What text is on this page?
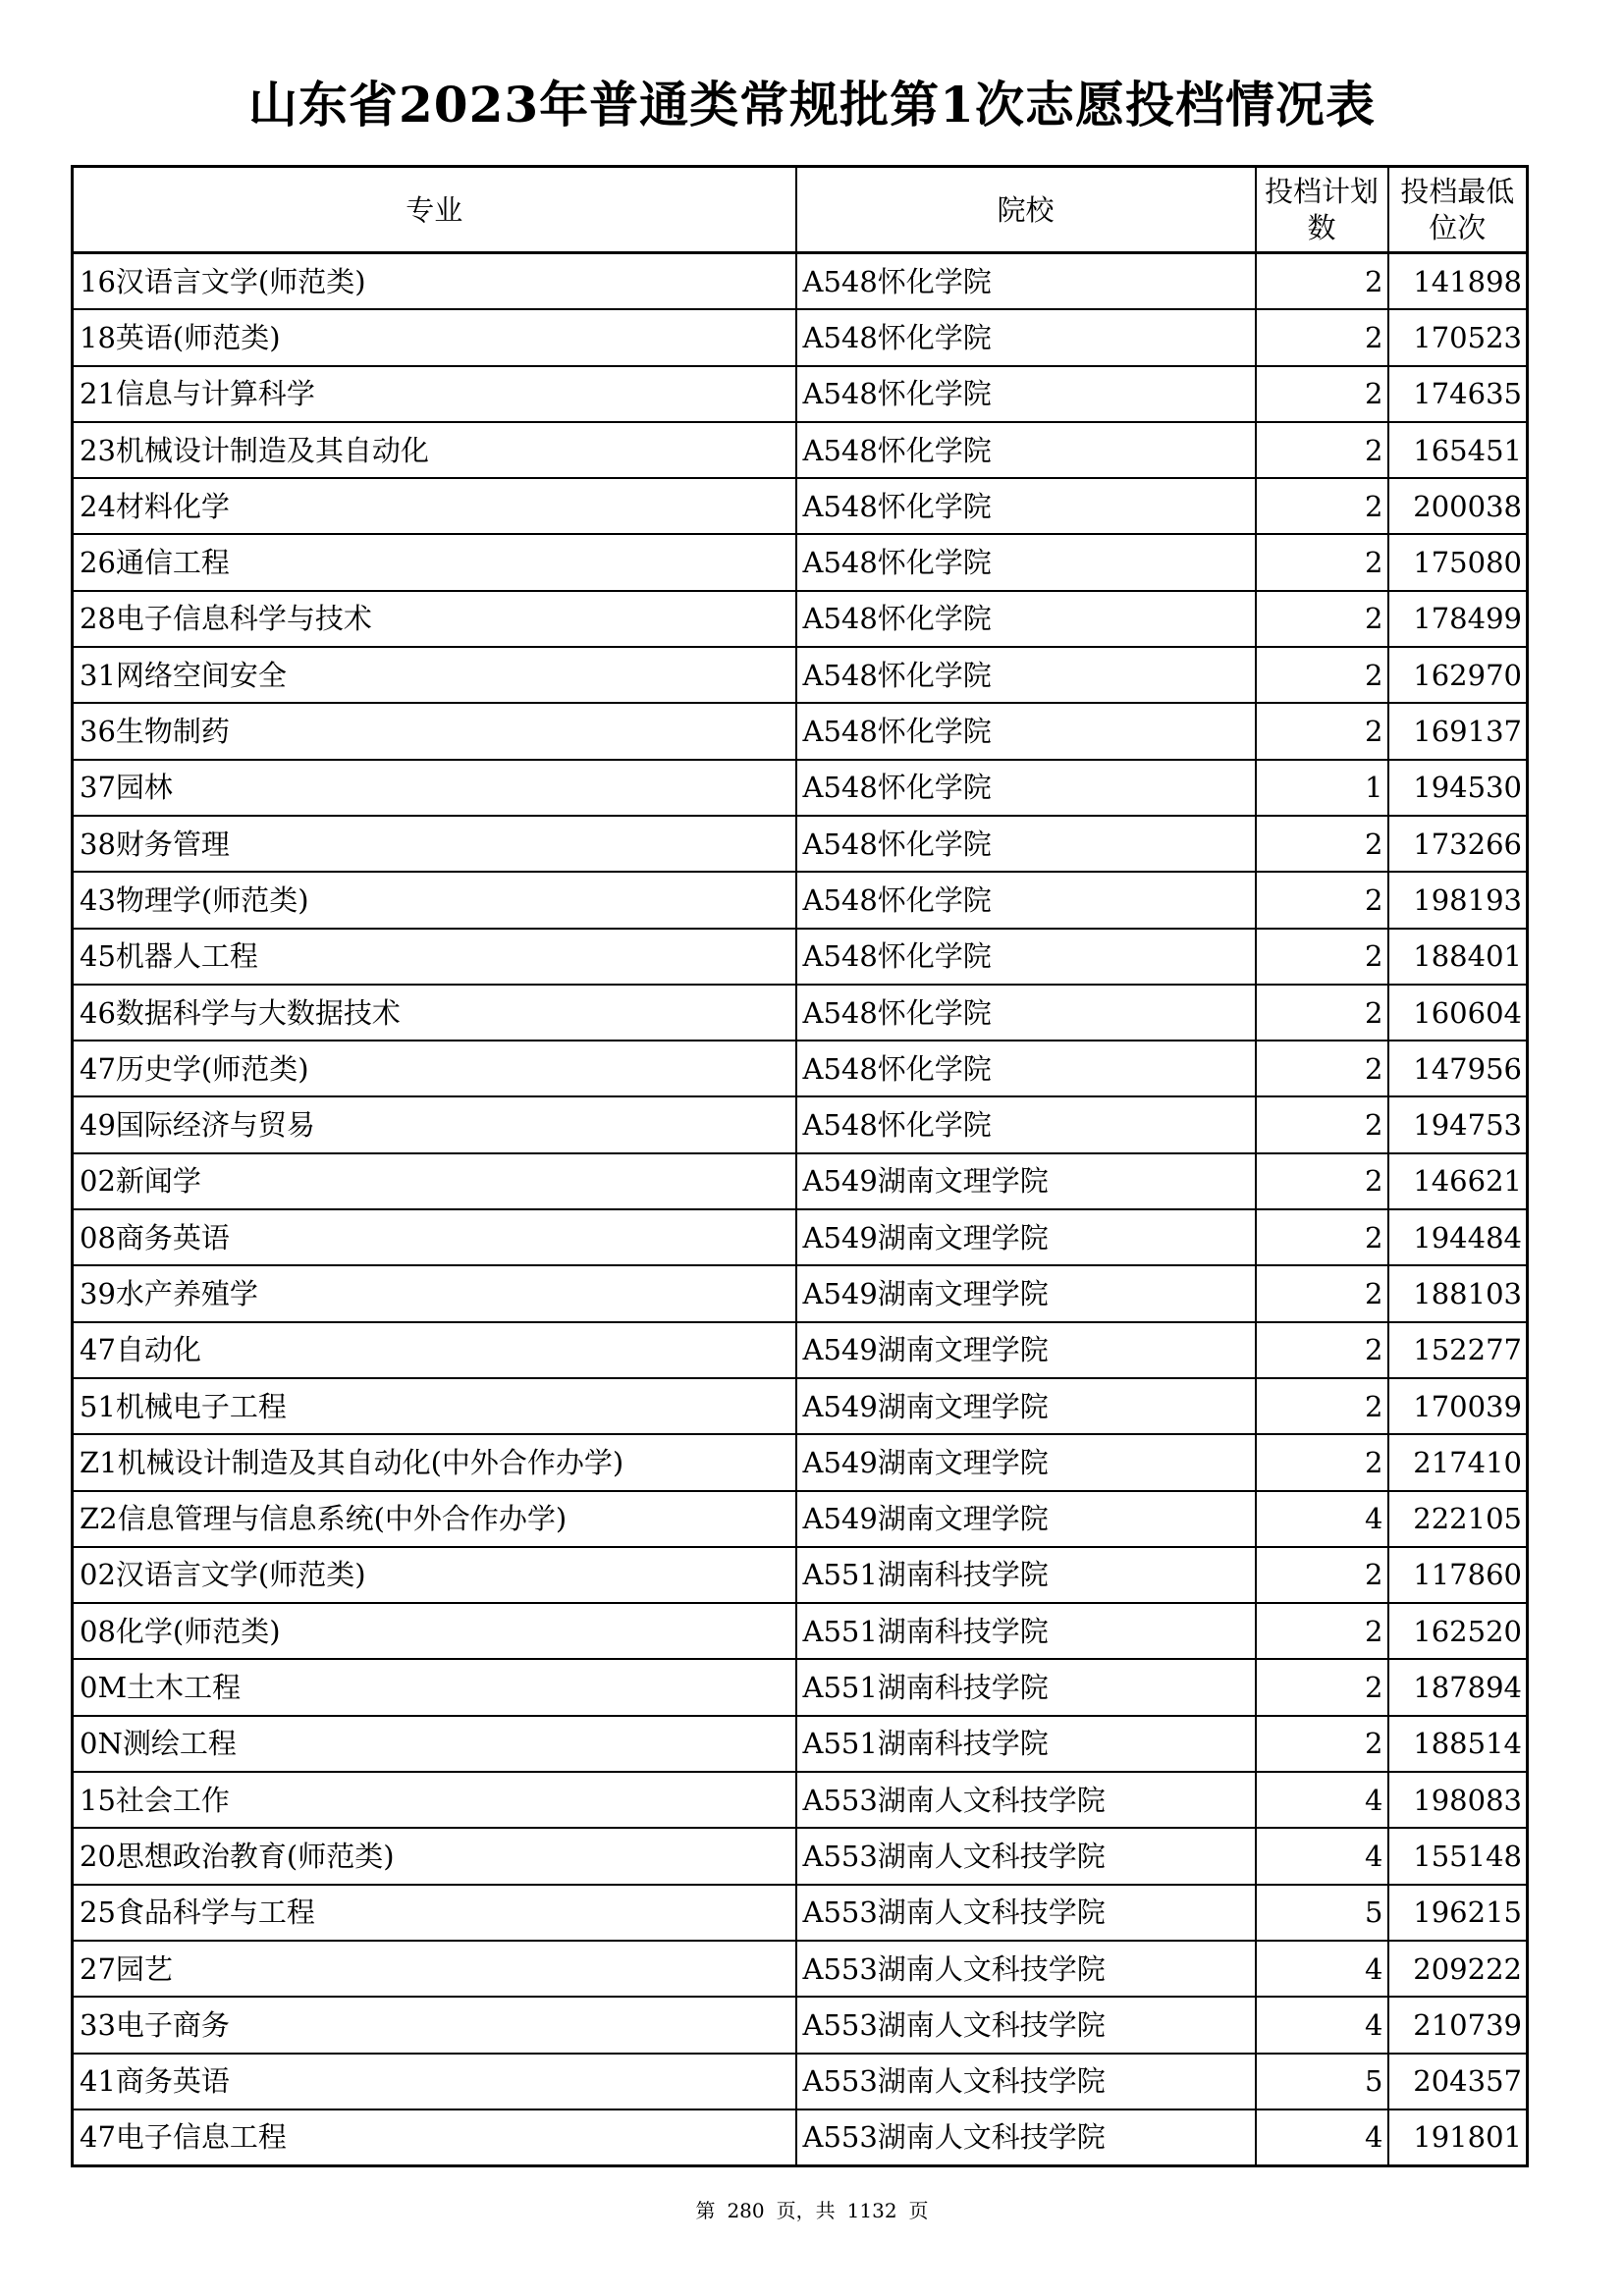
山东省2023年普通类常规批第1次志愿投档情况表
专业	院校	投档计划数	投档最低位次
16汉语言文学(师范类)	A548怀化学院	2	141898
18英语(师范类)	A548怀化学院	2	170523
21信息与计算科学	A548怀化学院	2	174635
23机械设计制造及其自动化	A548怀化学院	2	165451
24材料化学	A548怀化学院	2	200038
26通信工程	A548怀化学院	2	175080
28电子信息科学与技术	A548怀化学院	2	178499
31网络空间安全	A548怀化学院	2	162970
36生物制药	A548怀化学院	2	169137
37园林	A548怀化学院	1	194530
38财务管理	A548怀化学院	2	173266
43物理学(师范类)	A548怀化学院	2	198193
45机器人工程	A548怀化学院	2	188401
46数据科学与大数据技术	A548怀化学院	2	160604
47历史学(师范类)	A548怀化学院	2	147956
49国际经济与贸易	A548怀化学院	2	194753
02新闻学	A549湖南文理学院	2	146621
08商务英语	A549湖南文理学院	2	194484
39水产养殖学	A549湖南文理学院	2	188103
47自动化	A549湖南文理学院	2	152277
51机械电子工程	A549湖南文理学院	2	170039
Z1机械设计制造及其自动化(中外合作办学)	A549湖南文理学院	2	217410
Z2信息管理与信息系统(中外合作办学)	A549湖南文理学院	4	222105
02汉语言文学(师范类)	A551湖南科技学院	2	117860
08化学(师范类)	A551湖南科技学院	2	162520
0M土木工程	A551湖南科技学院	2	187894
0N测绘工程	A551湖南科技学院	2	188514
15社会工作	A553湖南人文科技学院	4	198083
20思想政治教育(师范类)	A553湖南人文科技学院	4	155148
25食品科学与工程	A553湖南人文科技学院	5	196215
27园艺	A553湖南人文科技学院	4	209222
33电子商务	A553湖南人文科技学院	4	210739
41商务英语	A553湖南人文科技学院	5	204357
47电子信息工程	A553湖南人文科技学院	4	191801
第 280 页，共 1132 页
